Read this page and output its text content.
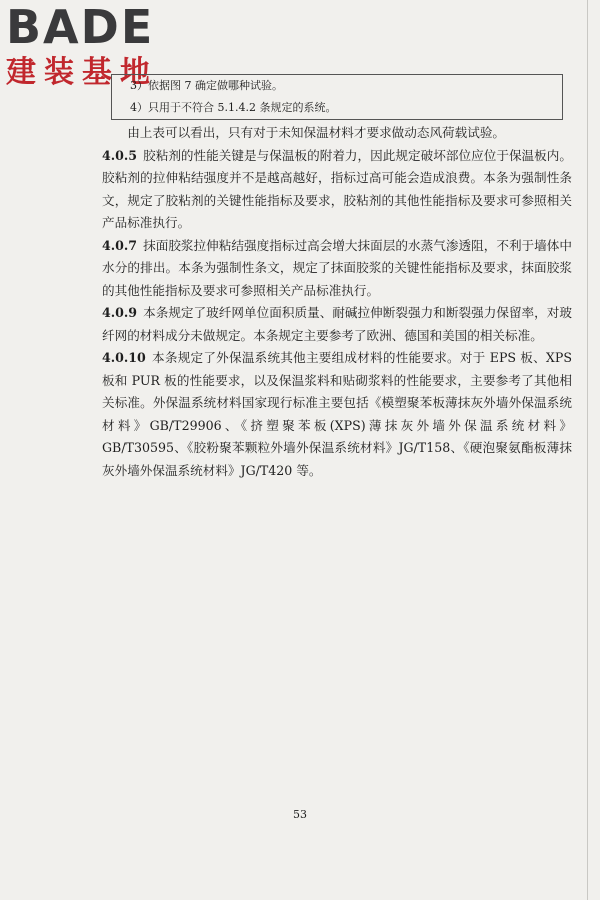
BADE
建装基地
3）依据图 7 确定做哪种试验。
4）只用于不符合 5.1.4.2 条规定的系统。

由上表可以看出，只有对于未知保温材料才要求做动态风荷载试验。

4.0.5 胶粘剂的性能关键是与保温板的附着力，因此规定破坏部位应位于保温板内。胶粘剂的拉伸粘结强度并不是越高越好，指标过高可能会造成浪费。本条为强制性条文，规定了胶粘剂的关键性能指标及要求，胶粘剂的其他性能指标及要求可参照相关产品标准执行。

4.0.7 抹面胶浆拉伸粘结强度指标过高会增大抹面层的水蒸气渗透阻，不利于墙体中水分的排出。本条为强制性条文，规定了抹面胶浆的关键性能指标及要求，抹面胶浆的其他性能指标及要求可参照相关产品标准执行。

4.0.9 本条规定了玻纤网单位面积质量、耐碱拉伸断裂强力和断裂强力保留率，对玻纤网的材料成分未做规定。本条规定主要参考了欧洲、德国和美国的相关标准。

4.0.10 本条规定了外保温系统其他主要组成材料的性能要求。对于 EPS 板、XPS 板和 PUR 板的性能要求，以及保温浆料和贴砌浆料的性能要求，主要参考了其他相关标准。外保温系统材料国家现行标准主要包括《模塑聚苯板薄抹灰外墙外保温系统材料》GB/T29906、《挤塑聚苯板(XPS)薄抹灰外墙外保温系统材料》GB/T30595、《胶粉聚苯颗粒外墙外保温系统材料》JG/T158、《硬泡聚氨酯板薄抹灰外墙外保温系统材料》JG/T420 等。

53
